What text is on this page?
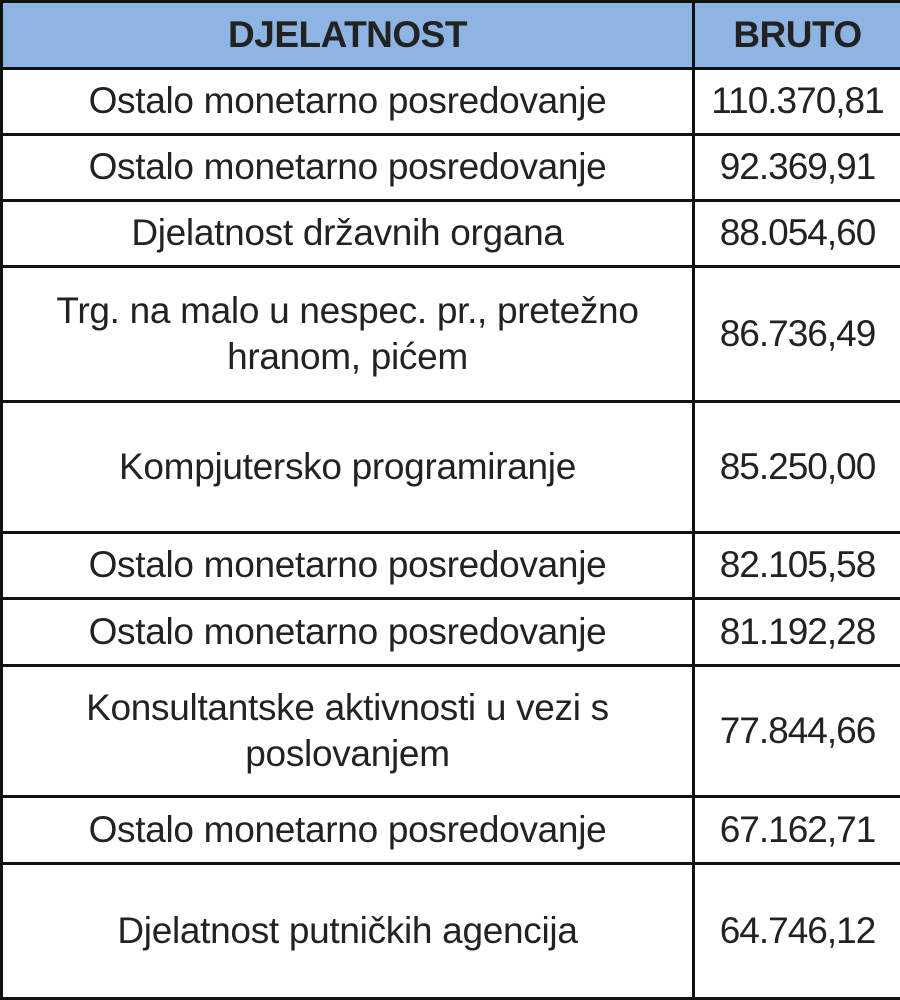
DJELATNOST	BRUTO
Ostalo monetarno posredovanje	110.370,81
Ostalo monetarno posredovanje	92.369,91
Djelatnost državnih organa	88.054,60
Trg. na malo u nespec. pr., pretežno hranom, pićem	86.736,49
Kompjutersko programiranje	85.250,00
Ostalo monetarno posredovanje	82.105,58
Ostalo monetarno posredovanje	81.192,28
Konsultantske aktivnosti u vezi s poslovanjem	77.844,66
Ostalo monetarno posredovanje	67.162,71
Djelatnost putničkih agencija	64.746,12
